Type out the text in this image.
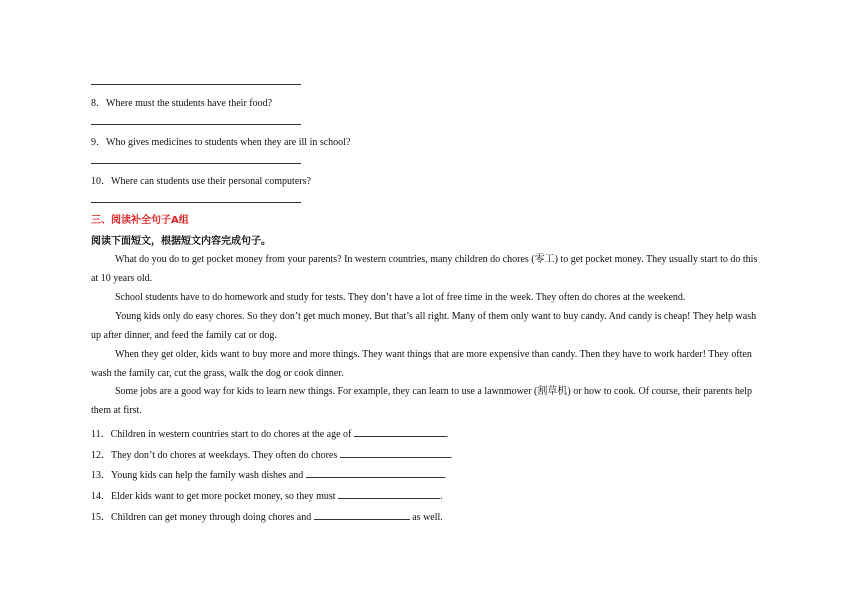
8．Where must the students have their food?
9．Who gives medicines to students when they are ill in school?
10．Where can students use their personal computers?
三、阅读补全句子A组
阅读下面短文，根据短文内容完成句子。
What do you do to get pocket money from your parents? In western countries, many children do chores (零工) to get pocket money. They usually start to do this at 10 years old.
School students have to do homework and study for tests. They don’t have a lot of free time in the week. They often do chores at the weekend.
Young kids only do easy chores. So they don’t get much money. But that’s all right. Many of them only want to buy candy. And candy is cheap! They help wash up after dinner, and feed the family cat or dog.
When they get older, kids want to buy more and more things. They want things that are more expensive than candy. Then they have to work harder! They often wash the family car, cut the grass, walk the dog or cook dinner.
Some jobs are a good way for kids to learn new things. For example, they can learn to use a lawnmower (割草机) or how to cook. Of course, their parents help them at first.
11．Children in western countries start to do chores at the age of	.
12．They don’t do chores at weekdays. They often do chores	.
13．Young kids can help the family wash dishes and	.
14．Elder kids want to get more pocket money, so they must	.
15．Children can get money through doing chores and	as well.
